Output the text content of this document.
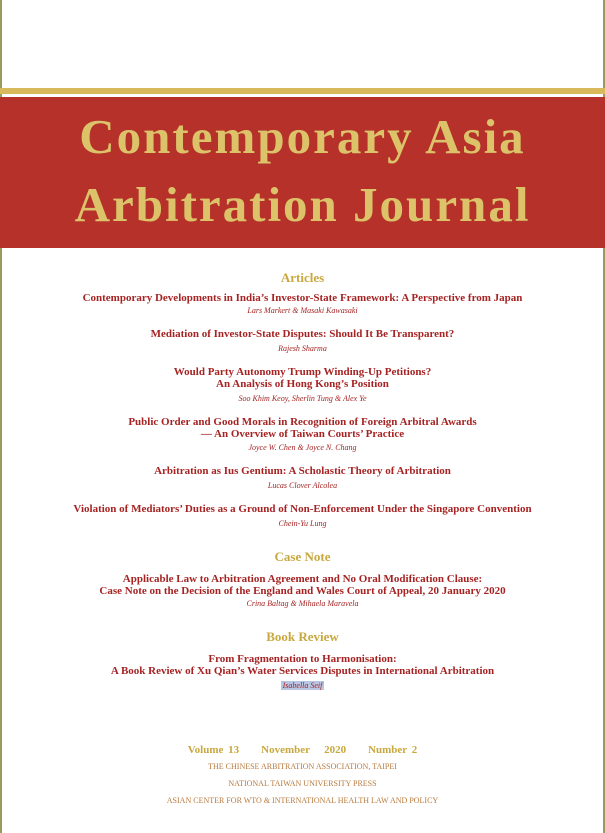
Contemporary Asia
Arbitration Journal
Articles
Contemporary Developments in India’s Investor-State Framework: A Perspective from Japan
Lars Markert & Masaki Kawasaki
Mediation of Investor-State Disputes: Should It Be Transparent?
Rajesh Sharma
Would Party Autonomy Trump Winding-Up Petitions?
An Analysis of Hong Kong’s Position
Soo Khim Keoy, Sherlin Tung & Alex Ye
Public Order and Good Morals in Recognition of Foreign Arbitral Awards
— An Overview of Taiwan Courts’ Practice
Joyce W. Chen & Joyce N. Chang
Arbitration as Ius Gentium: A Scholastic Theory of Arbitration
Lucas Clover Alcolea
Violation of Mediators’ Duties as a Ground of Non-Enforcement Under the Singapore Convention
Chein-Yu Lung
Case Note
Applicable Law to Arbitration Agreement and No Oral Modification Clause:
Case Note on the Decision of the England and Wales Court of Appeal, 20 January 2020
Crina Baltag & Mihaela Maravela
Book Review
From Fragmentation to Harmonisation:
A Book Review of Xu Qian’s Water Services Disputes in International Arbitration
Isabella Seif
Volume 13 November   2020 Number 2
THE CHINESE ARBITRATION ASSOCIATION, TAIPEI
NATIONAL TAIWAN UNIVERSITY PRESS
ASIAN CENTER FOR WTO & INTERNATIONAL HEALTH LAW AND POLICY
